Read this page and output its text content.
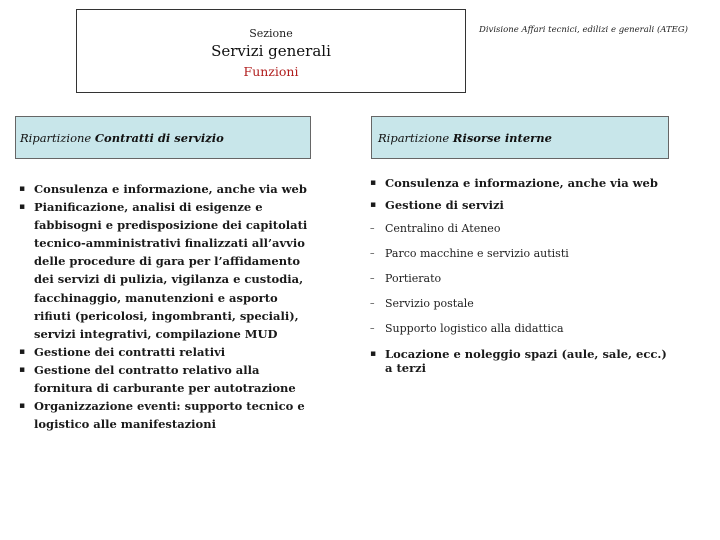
Sezione
Servizi generali
Funzioni
Divisione Affari tecnici, edilizi e generali (ATEG)
Ripartizione
Contratti di servizio	Ripartizione
Risorse interne
▪ Consulenza e informazione, anche via web
▪ Pianificazione, analisi di esigenze e fabbisogni e predisposizione dei capitolati tecnico-amministrativi finalizzati all’avvio delle procedure di gara per l’affidamento dei servizi di pulizia, vigilanza e custodia, facchinaggio, manutenzioni e asporto rifiuti (pericolosi, ingombranti, speciali), servizi integrativi, compilazione MUD
▪ Gestione dei contratti relativi
▪ Gestione del contratto relativo alla fornitura di carburante per autotrazione
▪ Organizzazione eventi: supporto tecnico e logistico alle manifestazioni
▪ Consulenza e informazione, anche via web
▪ Gestione di servizi
– Centralino di Ateneo
– Parco macchine e servizio autisti
– Portierato
– Servizio postale
– Supporto logistico alla didattica
▪ Locazione e noleggio spazi (aule, sale, ecc.) a terzi
